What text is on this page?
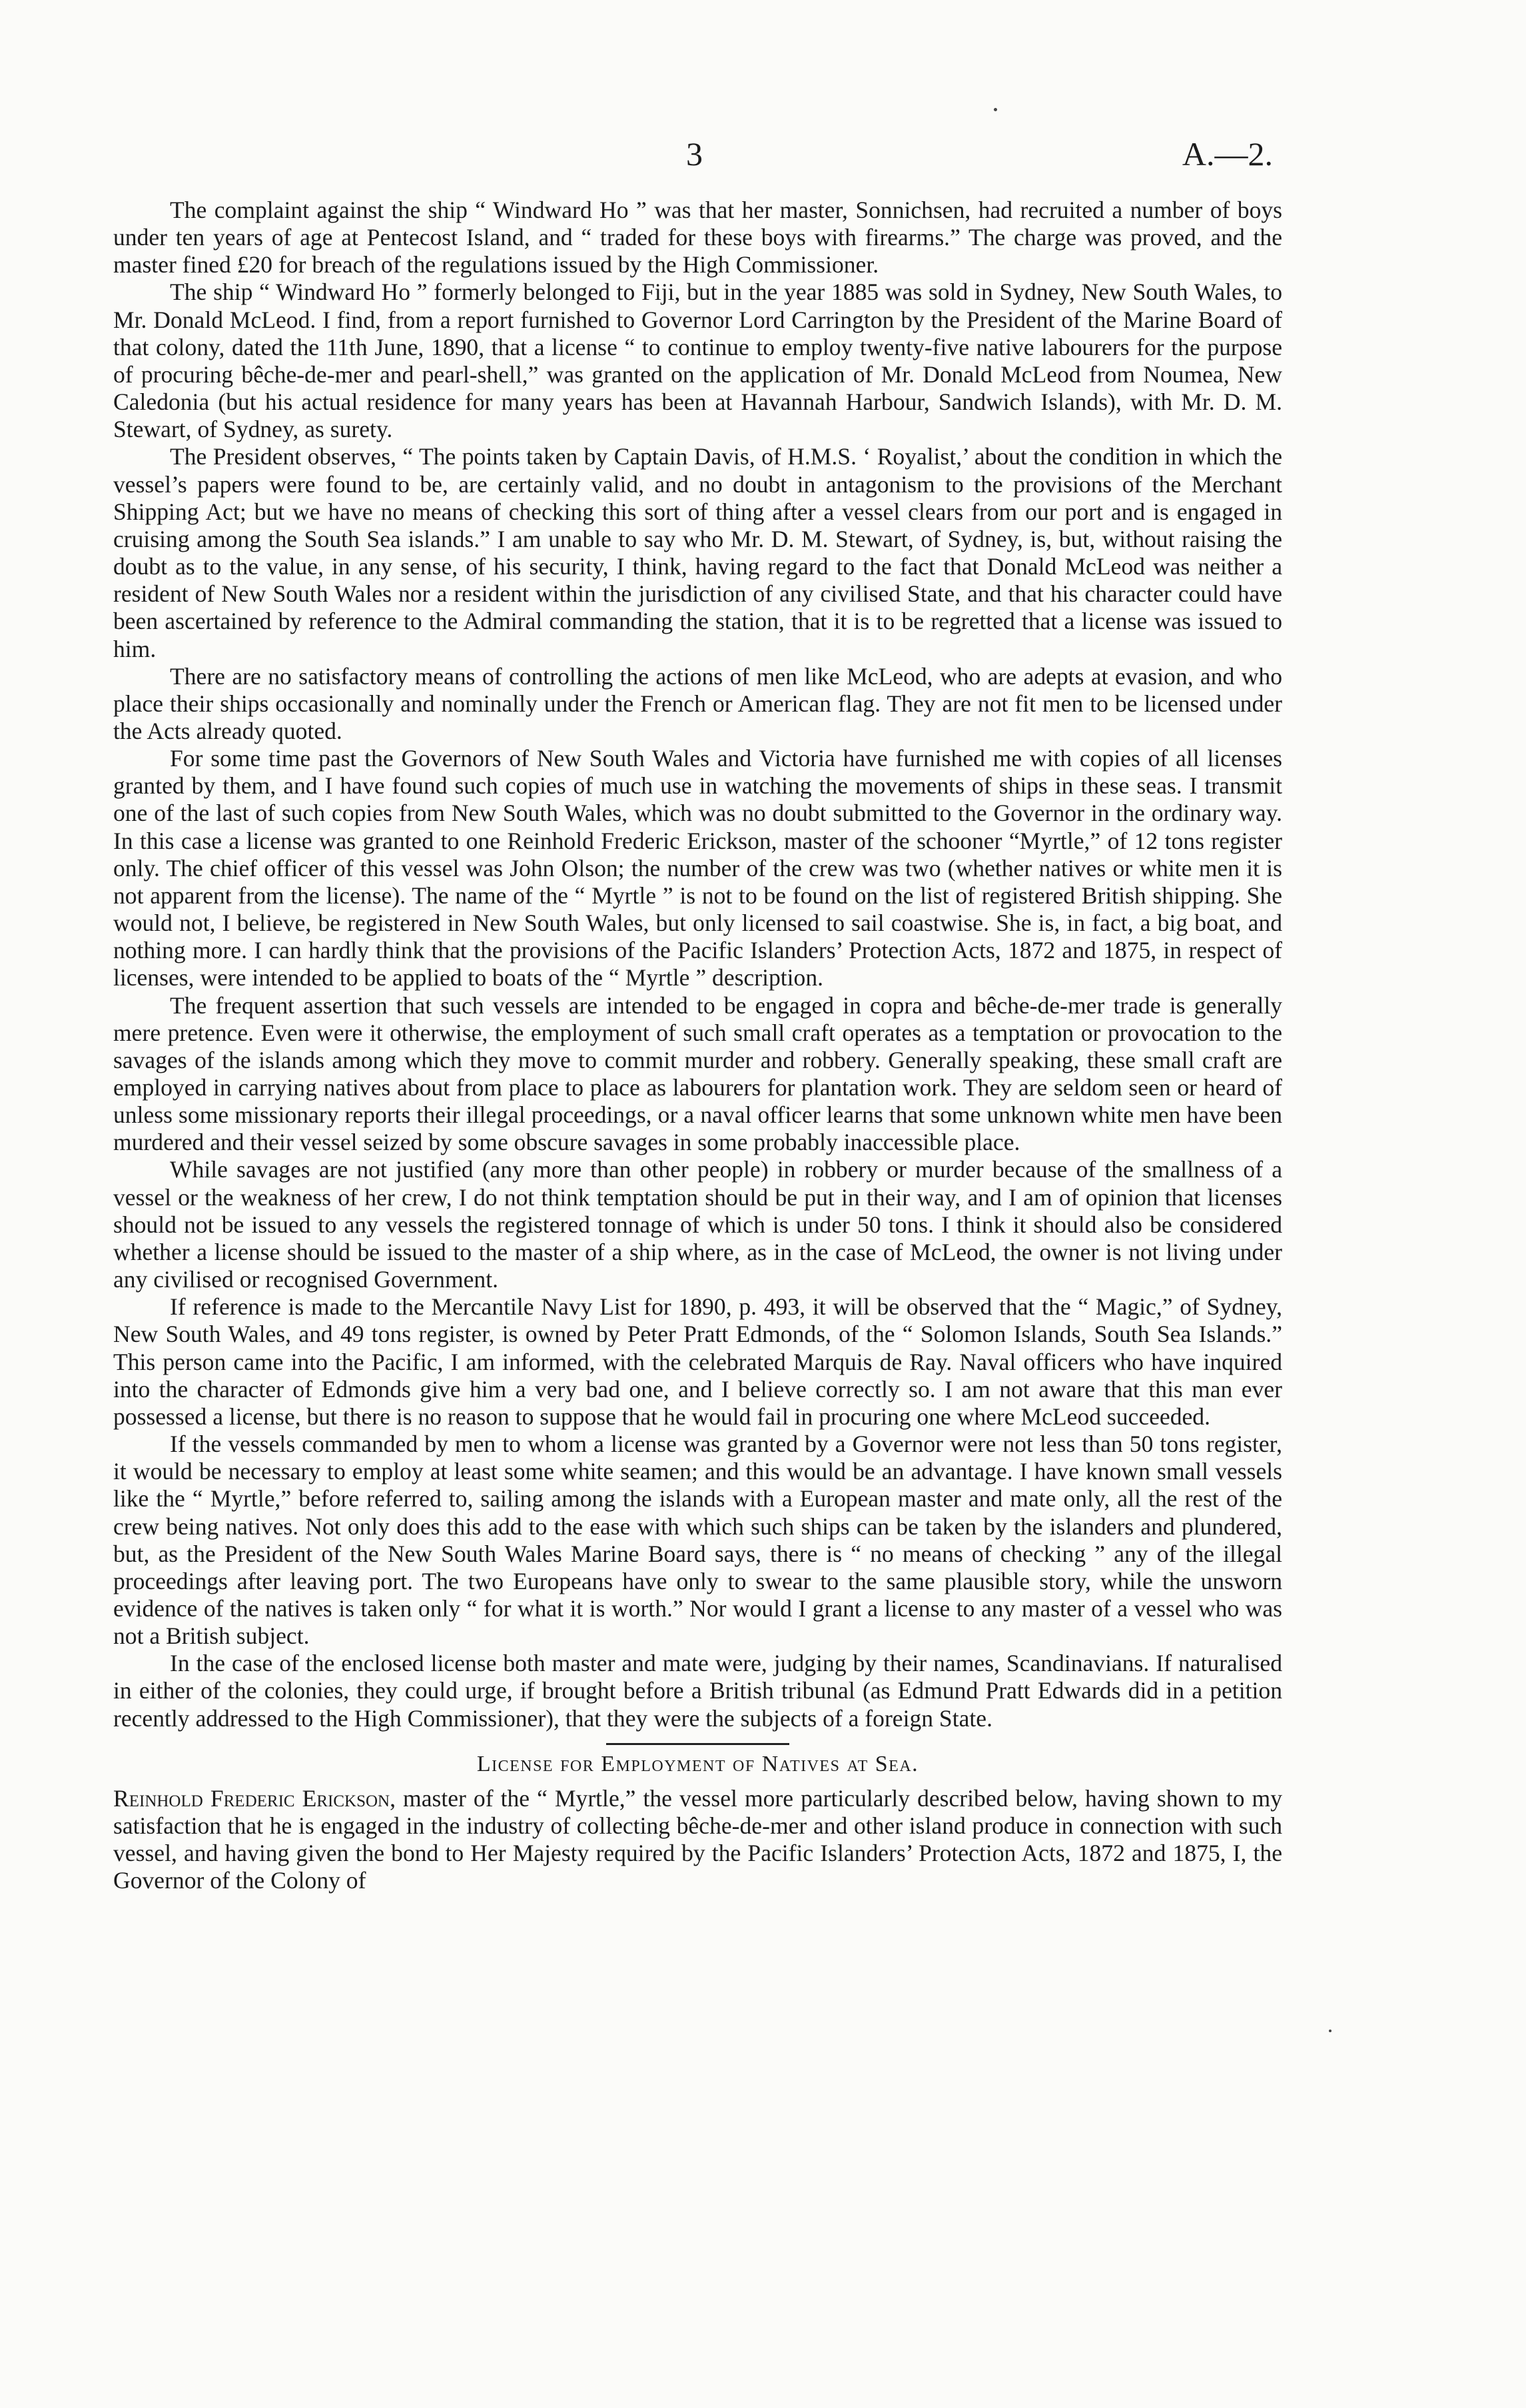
3	A.—2.

The complaint against the ship “ Windward Ho ” was that her master, Sonnichsen, had recruited a number of boys under ten years of age at Pentecost Island, and “ traded for these boys with firearms.” The charge was proved, and the master fined £20 for breach of the regulations issued by the High Commissioner.

The ship “ Windward Ho ” formerly belonged to Fiji, but in the year 1885 was sold in Sydney, New South Wales, to Mr. Donald McLeod. I find, from a report furnished to Governor Lord Carrington by the President of the Marine Board of that colony, dated the 11th June, 1890, that a license “ to continue to employ twenty-five native labourers for the purpose of procuring bêche-de-mer and pearl-shell,” was granted on the application of Mr. Donald McLeod from Noumea, New Caledonia (but his actual residence for many years has been at Havannah Harbour, Sandwich Islands), with Mr. D. M. Stewart, of Sydney, as surety.

The President observes, “ The points taken by Captain Davis, of H.M.S. ‘ Royalist,’ about the condition in which the vessel’s papers were found to be, are certainly valid, and no doubt in antagonism to the provisions of the Merchant Shipping Act; but we have no means of checking this sort of thing after a vessel clears from our port and is engaged in cruising among the South Sea islands.” I am unable to say who Mr. D. M. Stewart, of Sydney, is, but, without raising the doubt as to the value, in any sense, of his security, I think, having regard to the fact that Donald McLeod was neither a resident of New South Wales nor a resident within the jurisdiction of any civilised State, and that his character could have been ascertained by reference to the Admiral commanding the station, that it is to be regretted that a license was issued to him.

There are no satisfactory means of controlling the actions of men like McLeod, who are adepts at evasion, and who place their ships occasionally and nominally under the French or American flag. They are not fit men to be licensed under the Acts already quoted.

For some time past the Governors of New South Wales and Victoria have furnished me with copies of all licenses granted by them, and I have found such copies of much use in watching the movements of ships in these seas. I transmit one of the last of such copies from New South Wales, which was no doubt submitted to the Governor in the ordinary way. In this case a license was granted to one Reinhold Frederic Erickson, master of the schooner “Myrtle,” of 12 tons register only. The chief officer of this vessel was John Olson; the number of the crew was two (whether natives or white men it is not apparent from the license). The name of the “ Myrtle ” is not to be found on the list of registered British shipping. She would not, I believe, be registered in New South Wales, but only licensed to sail coastwise. She is, in fact, a big boat, and nothing more. I can hardly think that the provisions of the Pacific Islanders’ Protection Acts, 1872 and 1875, in respect of licenses, were intended to be applied to boats of the “ Myrtle ” description.

The frequent assertion that such vessels are intended to be engaged in copra and bêche-de-mer trade is generally mere pretence. Even were it otherwise, the employment of such small craft operates as a temptation or provocation to the savages of the islands among which they move to commit murder and robbery. Generally speaking, these small craft are employed in carrying natives about from place to place as labourers for plantation work. They are seldom seen or heard of unless some missionary reports their illegal proceedings, or a naval officer learns that some unknown white men have been murdered and their vessel seized by some obscure savages in some probably inaccessible place.

While savages are not justified (any more than other people) in robbery or murder because of the smallness of a vessel or the weakness of her crew, I do not think temptation should be put in their way, and I am of opinion that licenses should not be issued to any vessels the registered tonnage of which is under 50 tons. I think it should also be considered whether a license should be issued to the master of a ship where, as in the case of McLeod, the owner is not living under any civilised or recognised Government.

If reference is made to the Mercantile Navy List for 1890, p. 493, it will be observed that the “ Magic,” of Sydney, New South Wales, and 49 tons register, is owned by Peter Pratt Edmonds, of the “ Solomon Islands, South Sea Islands.” This person came into the Pacific, I am informed, with the celebrated Marquis de Ray. Naval officers who have inquired into the character of Edmonds give him a very bad one, and I believe correctly so. I am not aware that this man ever possessed a license, but there is no reason to suppose that he would fail in procuring one where McLeod succeeded.

If the vessels commanded by men to whom a license was granted by a Governor were not less than 50 tons register, it would be necessary to employ at least some white seamen; and this would be an advantage. I have known small vessels like the “ Myrtle,” before referred to, sailing among the islands with a European master and mate only, all the rest of the crew being natives. Not only does this add to the ease with which such ships can be taken by the islanders and plundered, but, as the President of the New South Wales Marine Board says, there is “ no means of checking ” any of the illegal proceedings after leaving port. The two Europeans have only to swear to the same plausible story, while the unsworn evidence of the natives is taken only “ for what it is worth.” Nor would I grant a license to any master of a vessel who was not a British subject.

In the case of the enclosed license both master and mate were, judging by their names, Scandinavians. If naturalised in either of the colonies, they could urge, if brought before a British tribunal (as Edmund Pratt Edwards did in a petition recently addressed to the High Commissioner), that they were the subjects of a foreign State.

License for Employment of Natives at Sea.

Reinhold Frederic Erickson, master of the “ Myrtle,” the vessel more particularly described below, having shown to my satisfaction that he is engaged in the industry of collecting bêche-de-mer and other island produce in connection with such vessel, and having given the bond to Her Majesty required by the Pacific Islanders’ Protection Acts, 1872 and 1875, I, the Governor of the Colony of
